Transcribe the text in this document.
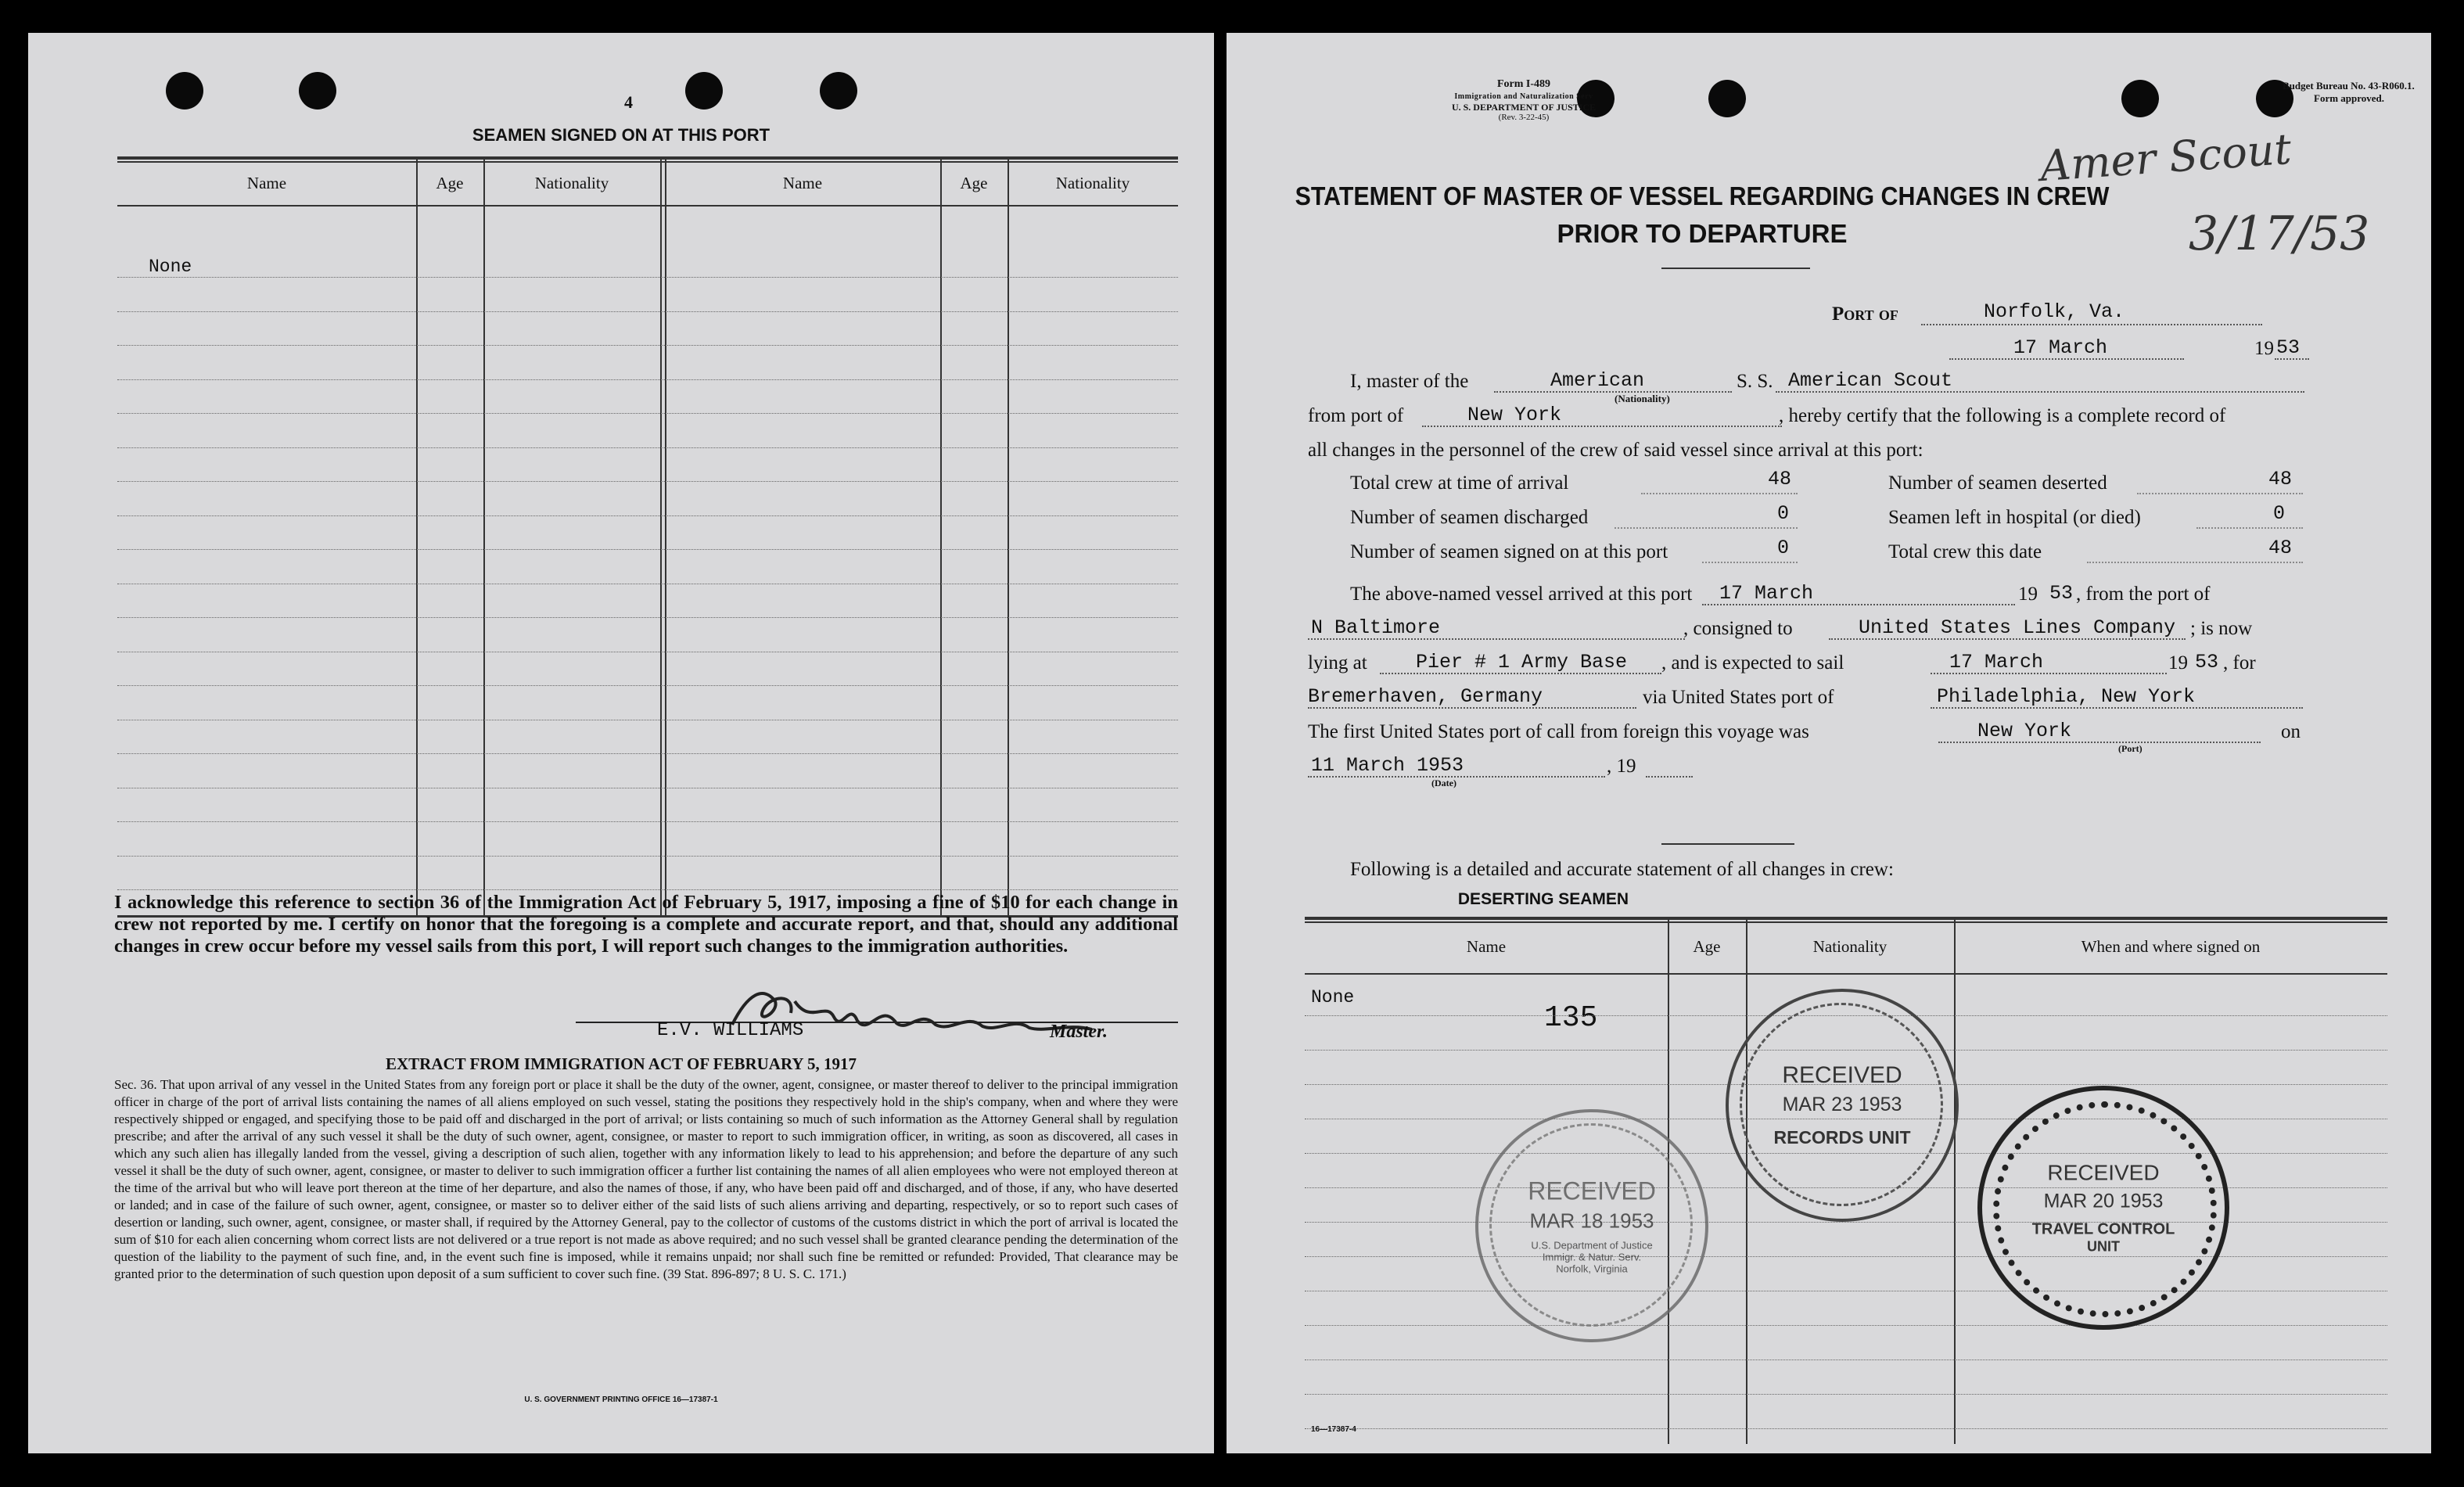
4
SEAMEN SIGNED ON AT THIS PORT
Name	Age	Nationality	Name	Age	Nationality
None
I acknowledge this reference to section 36 of the Immigration Act of February 5, 1917, imposing a fine of $10 for each change in crew not reported by me. I certify on honor that the foregoing is a complete and accurate report, and that, should any additional changes in crew occur before my vessel sails from this port, I will report such changes to the immigration authorities.
E.V. WILLIAMS	Master.
EXTRACT FROM IMMIGRATION ACT OF FEBRUARY 5, 1917
Sec. 36. That upon arrival of any vessel in the United States from any foreign port or place it shall be the duty of the owner, agent, consignee, or master thereof to deliver to the principal immigration officer in charge of the port of arrival lists containing the names of all aliens employed on such vessel, stating the positions they respectively hold in the ship's company, when and where they were respectively shipped or engaged, and specifying those to be paid off and discharged in the port of arrival; or lists containing so much of such information as the Attorney General shall by regulation prescribe; and after the arrival of any such vessel it shall be the duty of such owner, agent, consignee, or master to report to such immigration officer, in writing, as soon as discovered, all cases in which any such alien has illegally landed from the vessel, giving a description of such alien, together with any information likely to lead to his apprehension; and before the departure of any such vessel it shall be the duty of such owner, agent, consignee, or master to deliver to such immigration officer a further list containing the names of all alien employees who were not employed thereon at the time of the arrival but who will leave port thereon at the time of her departure, and also the names of those, if any, who have been paid off and discharged, and of those, if any, who have deserted or landed; and in case of the failure of such owner, agent, consignee, or master so to deliver either of the said lists of such aliens arriving and departing, respectively, or so to report such cases of desertion or landing, such owner, agent, consignee, or master shall, if required by the Attorney General, pay to the collector of customs of the customs district in which the port of arrival is located the sum of $10 for each alien concerning whom correct lists are not delivered or a true report is not made as above required; and no such vessel shall be granted clearance pending the determination of the question of the liability to the payment of such fine, and, in the event such fine is imposed, while it remains unpaid; nor shall such fine be remitted or refunded: Provided, That clearance may be granted prior to the determination of such question upon deposit of a sum sufficient to cover such fine. (39 Stat. 896-897; 8 U. S. C. 171.)
U. S. GOVERNMENT PRINTING OFFICE 16—17387-1
Form I-489
Immigration and Naturalization Serv
U. S. DEPARTMENT OF JUSTICE
(Rev. 3-22-45)
Budget Bureau No. 43-R060.1.
Form approved.
Amer Scout
3/17/53
STATEMENT OF MASTER OF VESSEL REGARDING CHANGES IN CREW
PRIOR TO DEPARTURE
Port of	Norfolk, Va.
17 March	19 53
I, master of the	American
(Nationality)
S. S. American Scout
from port of	New York	, hereby certify that the following is a complete record of
all changes in the personnel of the crew of said vessel since arrival at this port:
Total crew at time of arrival	48	Number of seamen deserted	48
Number of seamen discharged	0	Seamen left in hospital (or died)	0
Number of seamen signed on at this port	0	Total crew this date	48
The above-named vessel arrived at this port 17 March	19 53 , from the port of
N Baltimore	, consigned to	United States Lines Company ; is now
lying at Pier # 1 Army Base , and is expected to sail	17 March	19 53 , for
Bremerhaven, Germany	via United States port of	Philadelphia, New York
The first United States port of call from foreign this voyage was	New York
(Port)
on
11 March 1953
(Date)
, 19
Following is a detailed and accurate statement of all changes in crew:
DESERTING SEAMEN
Name	Age	Nationality	When and where signed on
None
135
16—17387-4
RECEIVED
MAR 23 1953
RECORDS UNIT
RECEIVED
MAR 18 1953
U.S. Department of Justice
Immigr. & Natur. Serv.
Norfolk, Virginia
RECEIVED
MAR 20 1953
TRAVEL CONTROL
UNIT
